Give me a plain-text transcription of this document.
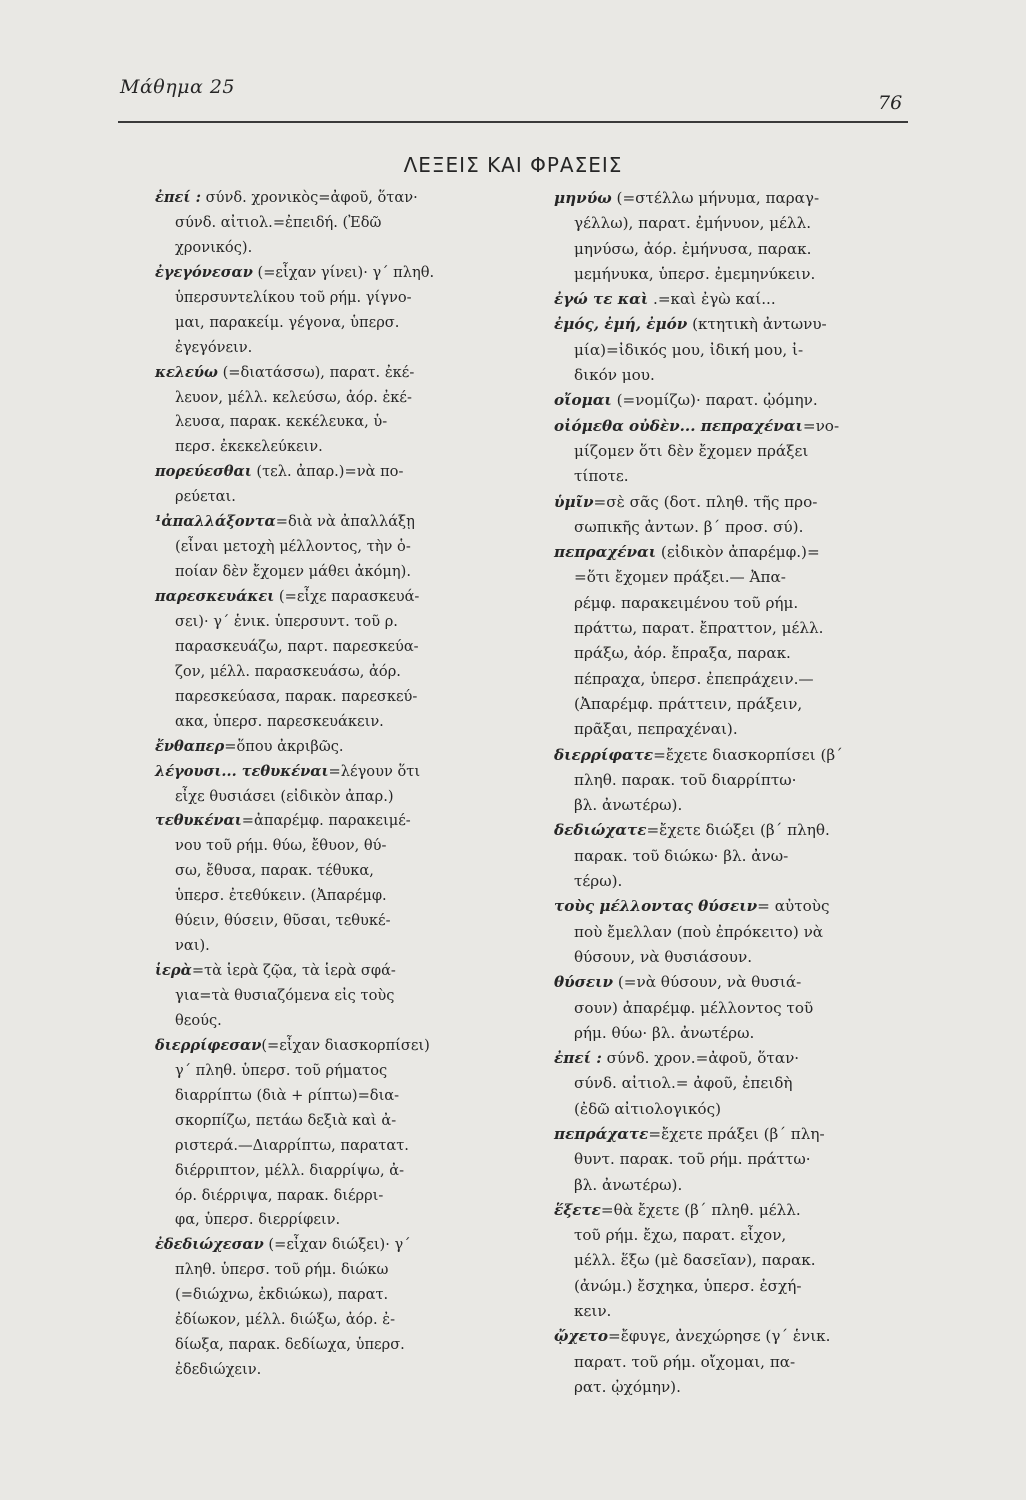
Μάθημα 25
76
ΛΕΞΕΙΣ ΚΑΙ ΦΡΑΣΕΙΣ
ἐπεί : σύνδ. χρονικὸς=ἀφοῦ, ὅταν·
σύνδ. αἰτιολ.=ἐπειδή. (Ἐδῶ
χρονικός).
ἐγεγόνεσαν (=εἶχαν γίνει)· γ΄ πληθ.
ὑπερσυντελίκου τοῦ ρήμ. γίγνο-
μαι, παρακείμ. γέγονα, ὑπερσ.
ἐγεγόνειν.
κελεύω (=διατάσσω), παρατ. ἐκέ-
λευον, μέλλ. κελεύσω, ἀόρ. ἐκέ-
λευσα, παρακ. κεκέλευκα, ὑ-
περσ. ἐκεκελεύκειν.
πορεύεσθαι (τελ. ἀπαρ.)=νὰ πο-
ρεύεται.
¹ἀπαλλάξοντα=διὰ νὰ ἀπαλλάξῃ
(εἶναι μετοχὴ μέλλοντος, τὴν ὁ-
ποίαν δὲν ἔχομεν μάθει ἀκόμη).
παρεσκευάκει (=εἶχε παρασκευά-
σει)· γ΄ ἑνικ. ὑπερσυντ. τοῦ ρ.
παρασκευάζω, παρτ. παρεσκεύα-
ζον, μέλλ. παρασκευάσω, ἀόρ.
παρεσκεύασα, παρακ. παρεσκεύ-
ακα, ὑπερσ. παρεσκευάκειν.
ἔνθαπερ=ὅπου ἀκριβῶς.
λέγουσι... τεθυκέναι=λέγουν ὅτι
εἶχε θυσιάσει (εἰδικὸν ἀπαρ.)
τεθυκέναι=ἀπαρέμφ. παρακειμέ-
νου τοῦ ρήμ. θύω, ἔθυον, θύ-
σω, ἔθυσα, παρακ. τέθυκα,
ὑπερσ. ἐτεθύκειν. (Ἀπαρέμφ.
θύειν, θύσειν, θῦσαι, τεθυκέ-
ναι).
ἱερὰ=τὰ ἱερὰ ζῷα, τὰ ἱερὰ σφά-
για=τὰ θυσιαζόμενα εἰς τοὺς
θεούς.
διερρίφεσαν(=εἶχαν διασκορπίσει)
γ΄ πληθ. ὑπερσ. τοῦ ρήματος
διαρρίπτω (διὰ + ρίπτω)=δια-
σκορπίζω, πετάω δεξιὰ καὶ ἀ-
ριστερά.—Διαρρίπτω, παρατατ.
διέρριπτον, μέλλ. διαρρίψω, ἀ-
όρ. διέρριψα, παρακ. διέρρι-
φα, ὑπερσ. διερρίφειν.
ἐδεδιώχεσαν (=εἶχαν διώξει)· γ΄
πληθ. ὑπερσ. τοῦ ρήμ. διώκω
(=διώχνω, ἐκδιώκω), παρατ.
ἐδίωκον, μέλλ. διώξω, ἀόρ. ἐ-
δίωξα, παρακ. δεδίωχα, ὑπερσ.
ἐδεδιώχειν.
μηνύω (=στέλλω μήνυμα, παραγ-
γέλλω), παρατ. ἐμήνυον, μέλλ.
μηνύσω, ἀόρ. ἐμήνυσα, παρακ.
μεμήνυκα, ὑπερσ. ἐμεμηνύκειν.
ἐγώ τε καὶ .=καὶ ἐγὼ καί...
ἐμός, ἐμή, ἐμόν (κτητικὴ ἀντωνυ-
μία)=ἰδικός μου, ἰδική μου, ἰ-
δικόν μου.
οἴομαι (=νομίζω)· παρατ. ᾠόμην.
οἰόμεθα οὐδὲν... πεπραχέναι=νο-
μίζομεν ὅτι δὲν ἔχομεν πράξει
τίποτε.
ὑμῖν=σὲ σᾶς (δοτ. πληθ. τῆς προ-
σωπικῆς ἀντων. β΄ προσ. σύ).
πεπραχέναι (εἰδικὸν ἀπαρέμφ.)=
=ὅτι ἔχομεν πράξει.— Ἀπα-
ρέμφ. παρακειμένου τοῦ ρήμ.
πράττω, παρατ. ἔπραττον, μέλλ.
πράξω, ἀόρ. ἔπραξα, παρακ.
πέπραχα, ὑπερσ. ἐπεπράχειν.—
(Ἀπαρέμφ. πράττειν, πράξειν,
πρᾶξαι, πεπραχέναι).
διερρίφατε=ἔχετε διασκορπίσει (β΄
πληθ. παρακ. τοῦ διαρρίπτω·
βλ. ἀνωτέρω).
δεδιώχατε=ἔχετε διώξει (β΄ πληθ.
παρακ. τοῦ διώκω· βλ. ἀνω-
τέρω).
τοὺς μέλλοντας θύσειν= αὐτοὺς
ποὺ ἔμελλαν (ποὺ ἐπρόκειτο) νὰ
θύσουν, νὰ θυσιάσουν.
θύσειν (=νὰ θύσουν, νὰ θυσιά-
σουν) ἀπαρέμφ. μέλλοντος τοῦ
ρήμ. θύω· βλ. ἀνωτέρω.
ἐπεί : σύνδ. χρον.=ἀφοῦ, ὅταν·
σύνδ. αἰτιολ.= ἀφοῦ, ἐπειδὴ
(ἐδῶ αἰτιολογικός)
πεπράχατε=ἔχετε πράξει (β΄ πλη-
θυντ. παρακ. τοῦ ρήμ. πράττω·
βλ. ἀνωτέρω).
ἕξετε=θὰ ἔχετε (β΄ πληθ. μέλλ.
τοῦ ρήμ. ἔχω, παρατ. εἶχον,
μέλλ. ἕξω (μὲ δασεῖαν), παρακ.
(ἀνώμ.) ἔσχηκα, ὑπερσ. ἐσχή-
κειν.
ᾤχετο=ἔφυγε, ἀνεχώρησε (γ΄ ἑνικ.
παρατ. τοῦ ρήμ. οἴχομαι, πα-
ρατ. ᾠχόμην).
